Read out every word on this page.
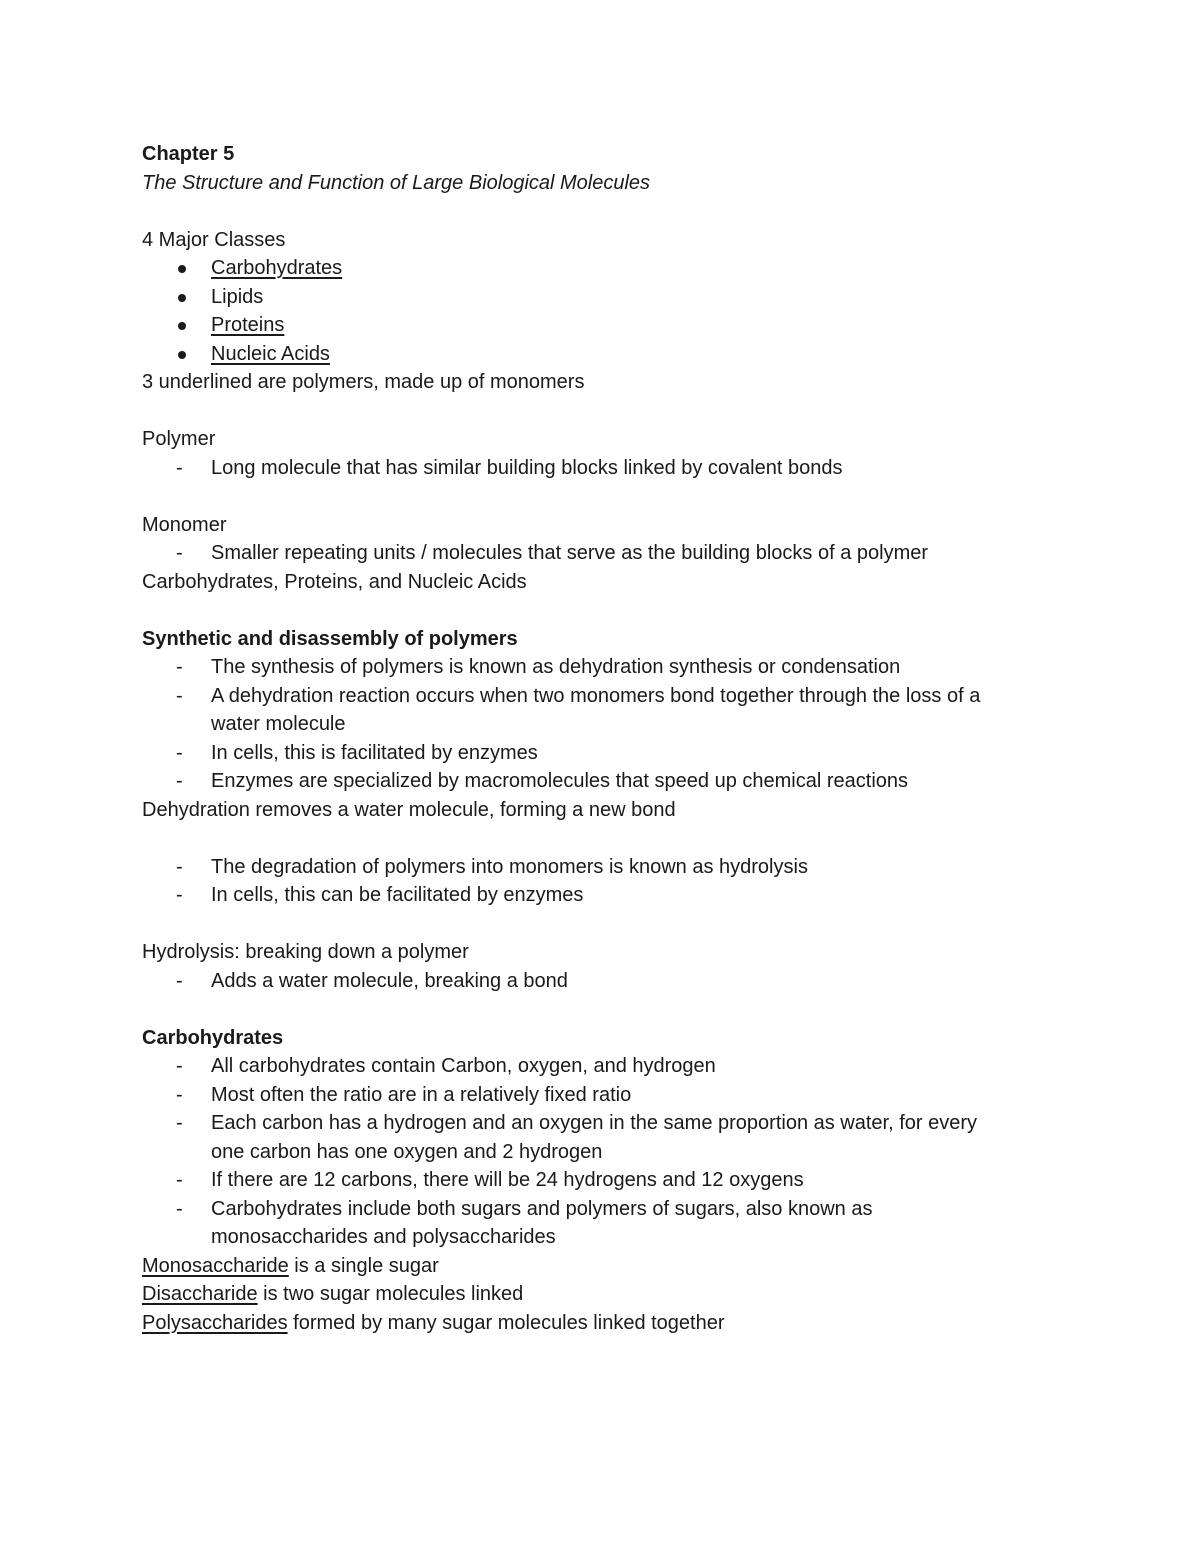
Chapter 5

The Structure and Function of Large Biological Molecules

4 Major Classes

Carbohydrates
Lipids
Proteins
Nucleic Acids

3 underlined are polymers, made up of monomers

Polymer

- Long molecule that has similar building blocks linked by covalent bonds

Monomer

- Smaller repeating units / molecules that serve as the building blocks of a polymer

Carbohydrates, Proteins, and Nucleic Acids

Synthetic and disassembly of polymers

- The synthesis of polymers is known as dehydration synthesis or condensation
- A dehydration reaction occurs when two monomers bond together through the loss of a
water molecule
- In cells, this is facilitated by enzymes
- Enzymes are specialized by macromolecules that speed up chemical reactions

Dehydration removes a water molecule, forming a new bond

- The degradation of polymers into monomers is known as hydrolysis
- In cells, this can be facilitated by enzymes

Hydrolysis: breaking down a polymer

- Adds a water molecule, breaking a bond

Carbohydrates

- All carbohydrates contain Carbon, oxygen, and hydrogen
- Most often the ratio are in a relatively fixed ratio
- Each carbon has a hydrogen and an oxygen in the same proportion as water, for every
one carbon has one oxygen and 2 hydrogen
- If there are 12 carbons, there will be 24 hydrogens and 12 oxygens
- Carbohydrates include both sugars and polymers of sugars, also known as
monosaccharides and polysaccharides

Monosaccharide is a single sugar

Disaccharide is two sugar molecules linked

Polysaccharides formed by many sugar molecules linked together
